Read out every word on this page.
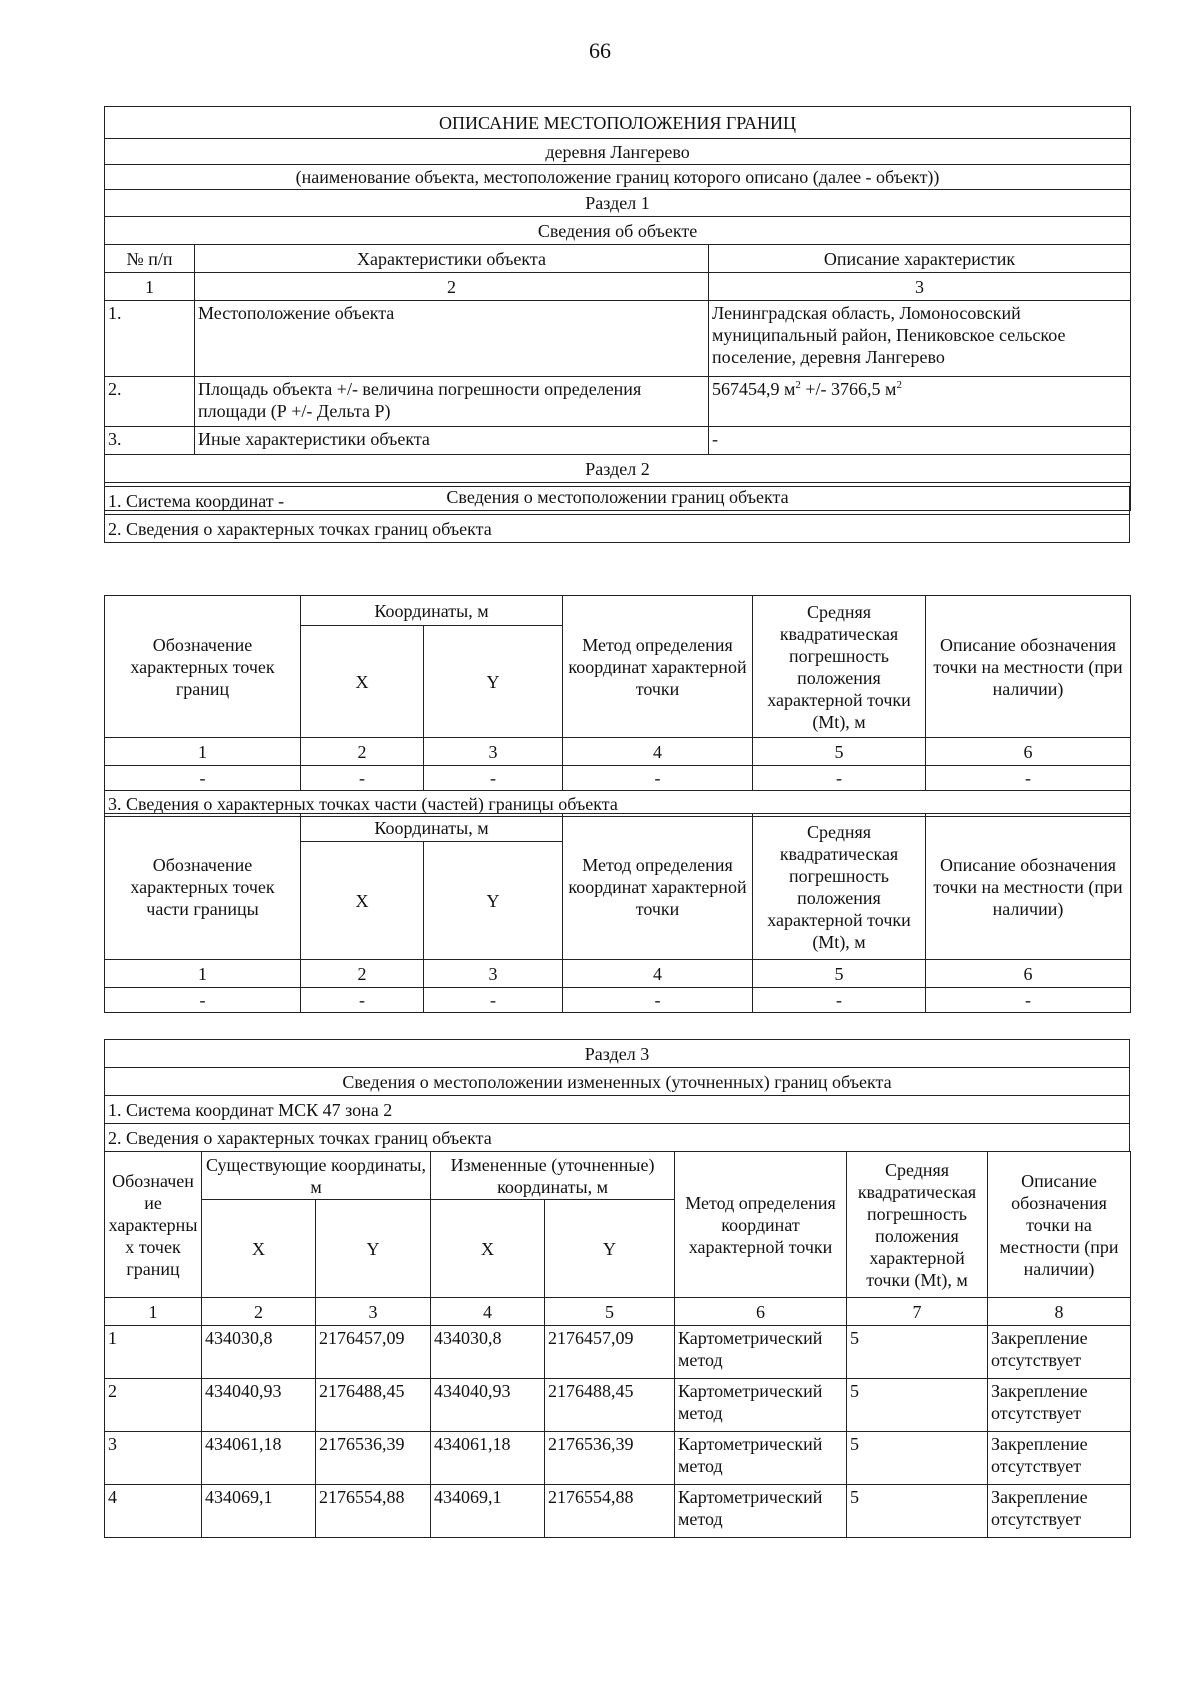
66
ОПИСАНИЕ МЕСТОПОЛОЖЕНИЯ ГРАНИЦ		
деревня Лангерево		
(наименование объекта, местоположение границ которого описано (далее - объект))		
Раздел 1		
Сведения об объекте		
№ п/п	Характеристики объекта	Описание характеристик
1	2	3
1.	Местоположение объекта	Ленинградская область, Ломоносовский муниципальный район, Пениковское сельское поселение, деревня Лангерево
2.	Площадь объекта +/- величина погрешности определения площади (Р +/- Дельта Р)	567454,9 $м^2$ +/- 3766,5 $м^2$
3.	Иные характеристики объекта	-
Раздел 2		
Сведения о местоположении границ объекта		
1. Система координат -
2. Сведения о характерных точках границ объекта
Обозначение характерных точек границ	Координаты, м		Метод определения координат характерной точки	Средняя квадратическая погрешность положения характерной точки (Mt), м	Описание обозначения точки на местности (при наличии)
	X	Y			
1	2	3	4	5	6
-	-	-	-	-	-
3. Сведения о характерных точках части (частей) границы объекта					
Обозначение характерных точек части границы	Координаты, м		Метод определения координат характерной точки	Средняя квадратическая погрешность положения характерной точки (Mt), м	Описание обозначения точки на местности (при наличии)
	X	Y			
1	2	3	4	5	6
-	-	-	-	-	-
Раздел 3
Сведения о местоположении измененных (уточненных) границ объекта
1. Система координат МСК 47 зона 2
2. Сведения о характерных точках границ объекта
Обозначение характерных точек границ	Существующие координаты, м		Измененные (уточненные) координаты, м		Метод определения координат характерной точки	Средняя квадратическая погрешность положения характерной точки (Mt), м	Описание обозначения точки на местности (при наличии)
	X	Y	X	Y			
1	2	3	4	5	6	7	8
1	434030,8	2176457,09	434030,8	2176457,09	Картометрический метод	5	Закрепление отсутствует
2	434040,93	2176488,45	434040,93	2176488,45	Картометрический метод	5	Закрепление отсутствует
3	434061,18	2176536,39	434061,18	2176536,39	Картометрический метод	5	Закрепление отсутствует
4	434069,1	2176554,88	434069,1	2176554,88	Картометрический метод	5	Закрепление отсутствует
